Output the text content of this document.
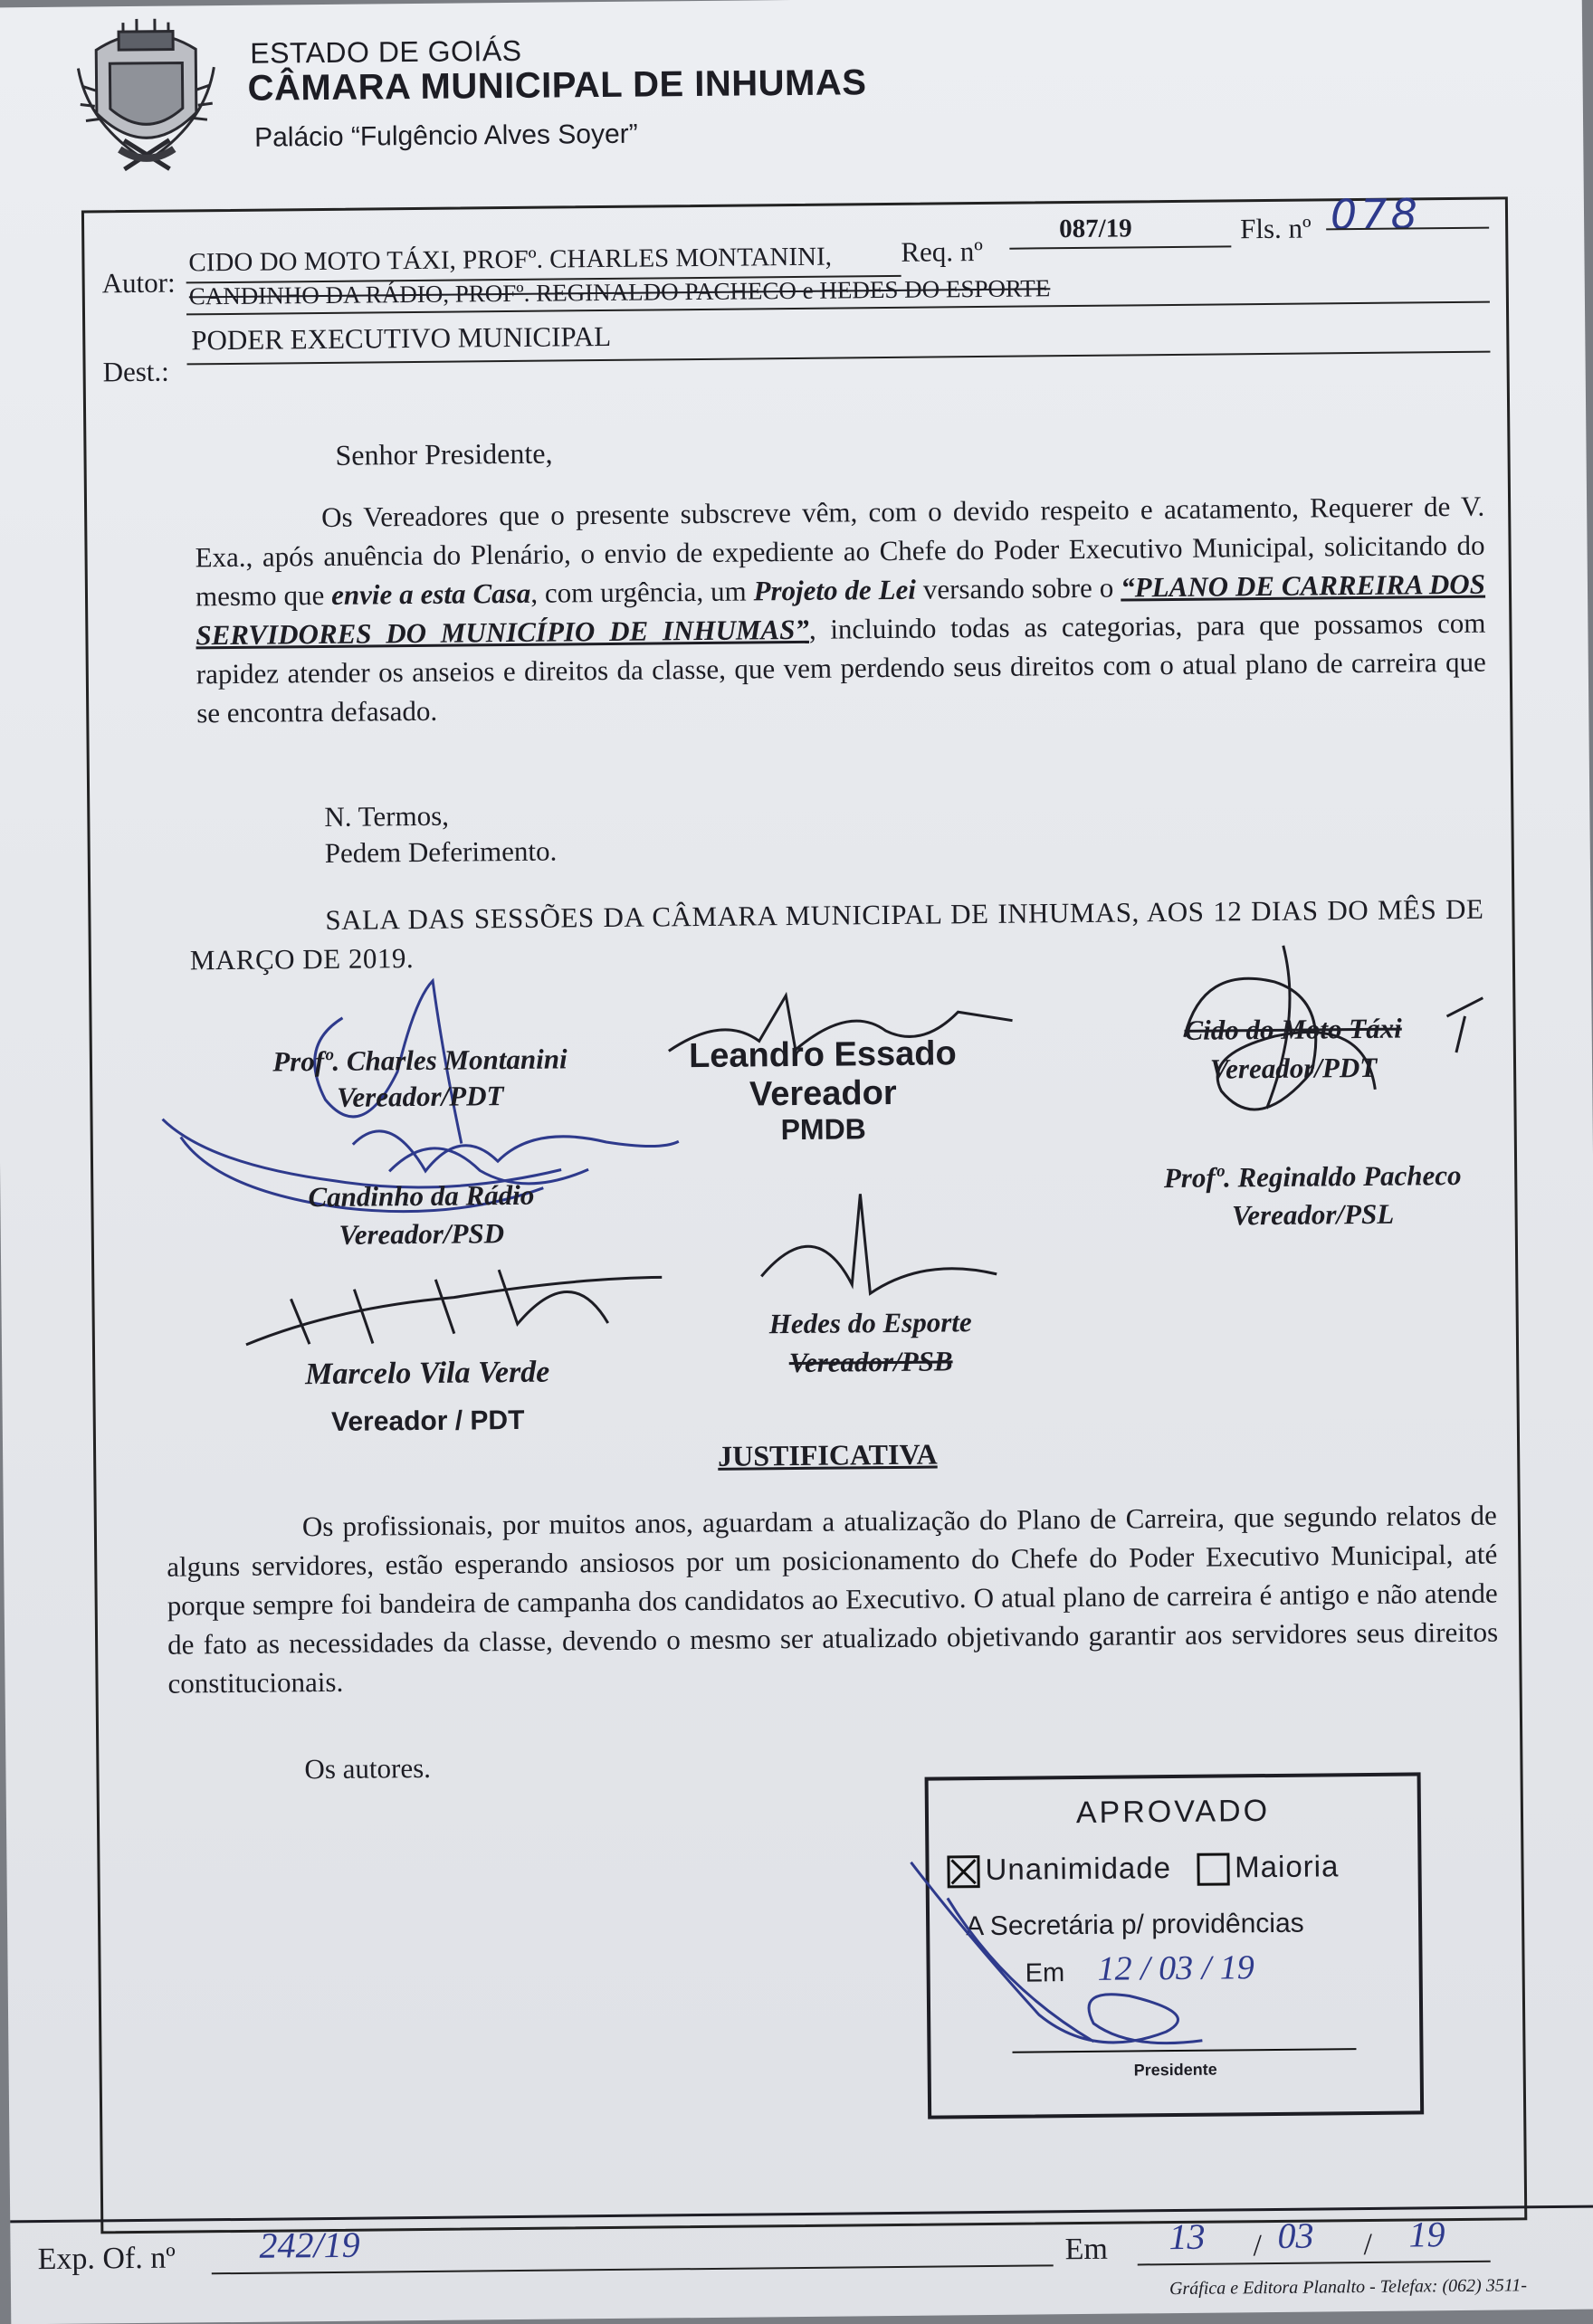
ESTADO DE GOIÁS
CÂMARA MUNICIPAL DE INHUMAS
Palácio “Fulgêncio Alves Soyer”
Autor:
CIDO DO MOTO TÁXI, PROFº. CHARLES MONTANINI,
CANDINHO DA RÁDIO, PROFº. REGINALDO PACHECO e HEDES DO ESPORTE
Req. nº
087/19	Fls. nº 078
Dest.:
PODER EXECUTIVO MUNICIPAL
Senhor Presidente,

Os Vereadores que o presente subscreve vêm, com o devido respeito e acatamento, Requerer de V. Exa., após anuência do Plenário, o envio de expediente ao Chefe do Poder Executivo Municipal, solicitando do mesmo que envie a esta Casa, com urgência, um Projeto de Lei versando sobre o “PLANO DE CARREIRA DOS SERVIDORES DO MUNICÍPIO DE INHUMAS”, incluindo todas as categorias, para que possamos com rapidez atender os anseios e direitos da classe, que vem perdendo seus direitos com o atual plano de carreira que se encontra defasado.

N. Termos,
Pedem Deferimento.

SALA DAS SESSÕES DA CÂMARA MUNICIPAL DE INHUMAS, AOS 12 DIAS DO MÊS DE MARÇO DE 2019.

Profº. Charles Montanini
Vereador/PDT
Leandro Essado
Vereador
PMDB
Cido do Moto Táxi
Vereador/PDT
Candinho da Rádio
Vereador/PSD
Profº. Reginaldo Pacheco
Vereador/PSL
Hedes do Esporte
Vereador/PSB
Marcelo Vila Verde
Vereador / PDT
JUSTIFICATIVA

Os profissionais, por muitos anos, aguardam a atualização do Plano de Carreira, que segundo relatos de alguns servidores, estão esperando ansiosos por um posicionamento do Chefe do Poder Executivo Municipal, até porque sempre foi bandeira de campanha dos candidatos ao Executivo. O atual plano de carreira é antigo e não atende de fato as necessidades da classe, devendo o mesmo ser atualizado objetivando garantir aos servidores seus direitos constitucionais.

Os autores.
APROVADO
Unanimidade Maioria
A Secretária p/ providências
Em 12 / 03 / 19
Presidente
Exp. Of. nº 242/19	Em 13 / 03 / 19
Gráfica e Editora Planalto - Telefax: (062) 3511-
